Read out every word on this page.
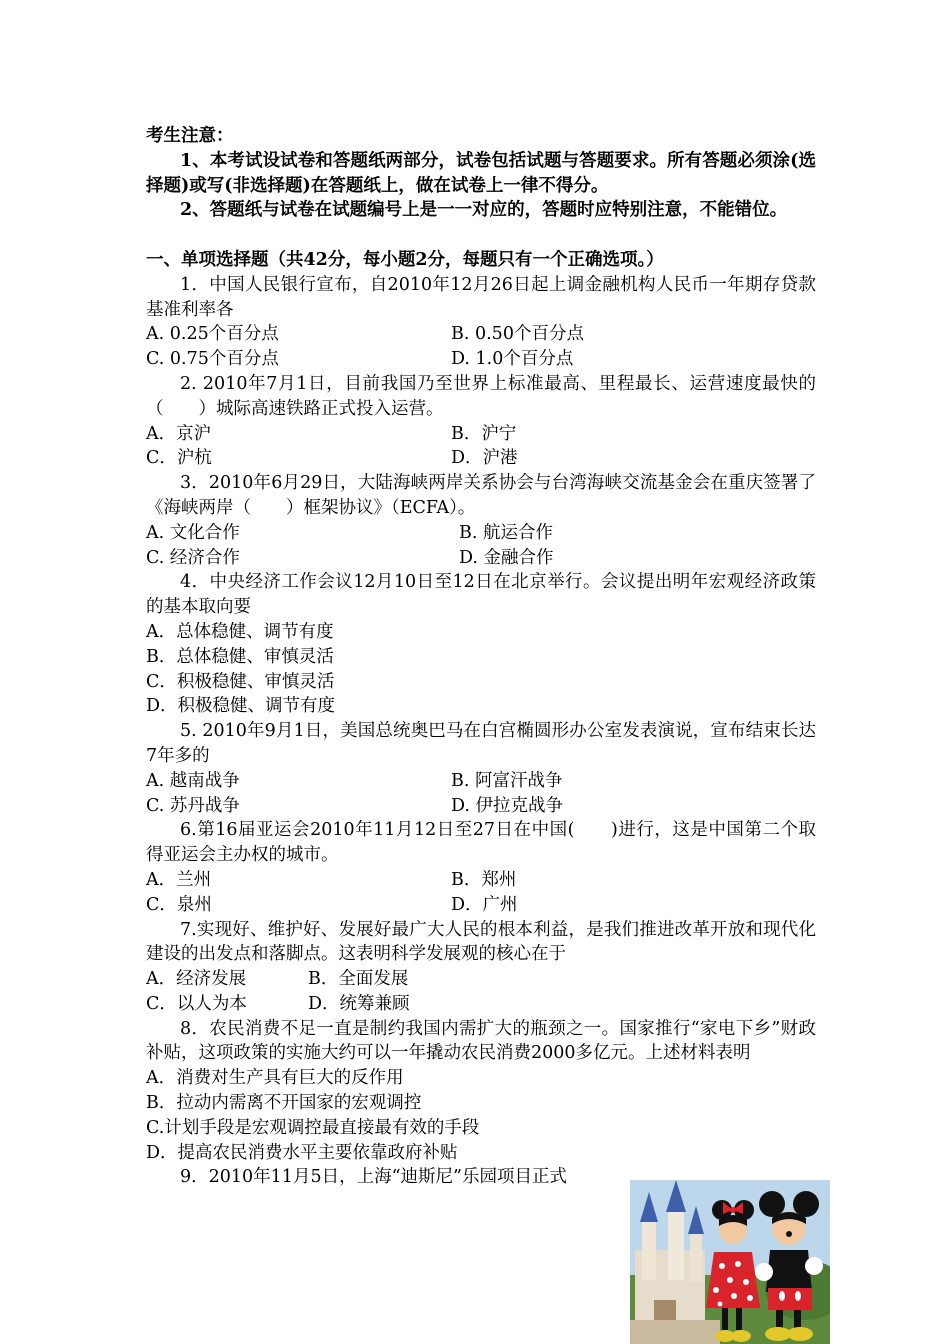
考生注意：
1、本考试设试卷和答题纸两部分，试卷包括试题与答题要求。所有答题必须涂(选择题)或写(非选择题)在答题纸上，做在试卷上一律不得分。
2、答题纸与试卷在试题编号上是一一对应的，答题时应特别注意，不能错位。
一、单项选择题（共42分，每小题2分，每题只有一个正确选项。）
1．中国人民银行宣布，自2010年12月26日起上调金融机构人民币一年期存贷款基准利率各
A. 0.25个百分点	B. 0.50个百分点
C. 0.75个百分点	D. 1.0个百分点
2. 2010年7月1日，目前我国乃至世界上标准最高、里程最长、运营速度最快的（　　）城际高速铁路正式投入运营。
A．京沪	B．沪宁
C．沪杭	D．沪港
3．2010年6月29日，大陆海峡两岸关系协会与台湾海峡交流基金会在重庆签署了《海峡两岸（　　）框架协议》（ECFA）。
A. 文化合作	B. 航运合作
C. 经济合作	D. 金融合作
4．中央经济工作会议12月10日至12日在北京举行。会议提出明年宏观经济政策的基本取向要
A．总体稳健、调节有度
B．总体稳健、审慎灵活
C．积极稳健、审慎灵活
D．积极稳健、调节有度
5. 2010年9月1日，美国总统奥巴马在白宫椭圆形办公室发表演说，宣布结束长达7年多的
A. 越南战争	B. 阿富汗战争
C. 苏丹战争	D. 伊拉克战争
6.第16届亚运会2010年11月12日至27日在中国(　　)进行，这是中国第二个取得亚运会主办权的城市。
A．兰州	B．郑州
C．泉州	D．广州
7.实现好、维护好、发展好最广大人民的根本利益，是我们推进改革开放和现代化建设的出发点和落脚点。这表明科学发展观的核心在于
A．经济发展	B．全面发展
C．以人为本	D．统筹兼顾
8．农民消费不足一直是制约我国内需扩大的瓶颈之一。国家推行“家电下乡”财政补贴，这项政策的实施大约可以一年撬动农民消费2000多亿元。上述材料表明
A．消费对生产具有巨大的反作用
B．拉动内需离不开国家的宏观调控
C.计划手段是宏观调控最直接最有效的手段
D．提高农民消费水平主要依靠政府补贴
9．2010年11月5日，上海“迪斯尼”乐园项目正式
